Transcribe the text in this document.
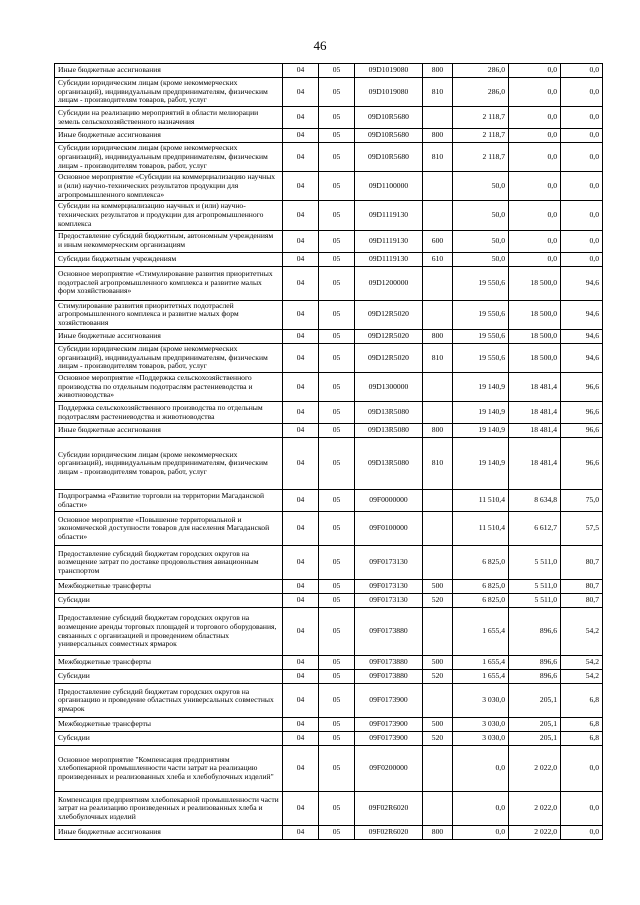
46
Иные бюджетные ассигнования	04	05	09D1019080	800	286,0	0,0	0,0
Субсидии юридическим лицам (кроме некоммерческих организаций), индивидуальным предпринимателям, физическим лицам - производителям товаров, работ, услуг	04	05	09D1019080	810	286,0	0,0	0,0
Субсидии на реализацию мероприятий в области мелиорации земель сельскохозяйственного назначения	04	05	09D10R5680		2 118,7	0,0	0,0
Иные бюджетные ассигнования	04	05	09D10R5680	800	2 118,7	0,0	0,0
Субсидии юридическим лицам (кроме некоммерческих организаций), индивидуальным предпринимателям, физическим лицам - производителям товаров, работ, услуг	04	05	09D10R5680	810	2 118,7	0,0	0,0
Основное мероприятие «Субсидии на коммерциализацию научных и (или) научно-технических результатов продукции для агропромышленного комплекса»	04	05	09D1100000		50,0	0,0	0,0
Субсидии на коммерциализацию научных и (или) научно-технических результатов и продукции для агропромышленного комплекса	04	05	09D1119130		50,0	0,0	0,0
Предоставление субсидий бюджетным, автономным учреждениям и иным некоммерческим организациям	04	05	09D1119130	600	50,0	0,0	0,0
Субсидии бюджетным учреждениям	04	05	09D1119130	610	50,0	0,0	0,0
Основное мероприятие «Стимулирование развития приоритетных подотраслей агропромышленного комплекса и развитие малых форм хозяйствования»	04	05	09D1200000		19 550,6	18 500,0	94,6
Стимулирование развития приоритетных подотраслей агропромышленного комплекса и развитие малых форм хозяйствования	04	05	09D12R5020		19 550,6	18 500,0	94,6
Иные бюджетные ассигнования	04	05	09D12R5020	800	19 550,6	18 500,0	94,6
Субсидии юридическим лицам (кроме некоммерческих организаций), индивидуальным предпринимателям, физическим лицам - производителям товаров, работ, услуг	04	05	09D12R5020	810	19 550,6	18 500,0	94,6
Основное мероприятие «Поддержка сельскохозяйственного производства по отдельным подотраслям растениеводства и животноводства»	04	05	09D1300000		19 140,9	18 481,4	96,6
Поддержка сельскохозяйственного производства по отдельным подотраслям растениеводства и животноводства	04	05	09D13R5080		19 140,9	18 481,4	96,6
Иные бюджетные ассигнования	04	05	09D13R5080	800	19 140,9	18 481,4	96,6
Субсидии юридическим лицам (кроме некоммерческих организаций), индивидуальным предпринимателям, физическим лицам - производителям товаров, работ, услуг	04	05	09D13R5080	810	19 140,9	18 481,4	96,6
Подпрограмма «Развитие торговли на территории Магаданской области»	04	05	09F0000000		11 510,4	8 634,8	75,0
Основное мероприятие «Повышение территориальной и экономической доступности товаров для населения Магаданской области»	04	05	09F0100000		11 510,4	6 612,7	57,5
Предоставление субсидий бюджетам городских округов на возмещение затрат по доставке продовольствия авиационным транспортом	04	05	09F0173130		6 825,0	5 511,0	80,7
Межбюджетные трансферты	04	05	09F0173130	500	6 825,0	5 511,0	80,7
Субсидии	04	05	09F0173130	520	6 825,0	5 511,0	80,7
Предоставление субсидий бюджетам городских округов на возмещение аренды торговых площадей и торгового оборудования, связанных с организацией и проведением областных универсальных совместных ярмарок	04	05	09F0173880		1 655,4	896,6	54,2
Межбюджетные трансферты	04	05	09F0173880	500	1 655,4	896,6	54,2
Субсидии	04	05	09F0173880	520	1 655,4	896,6	54,2
Предоставление субсидий бюджетам городских округов на организацию и проведение областных универсальных совместных ярмарок	04	05	09F0173900		3 030,0	205,1	6,8
Межбюджетные трансферты	04	05	09F0173900	500	3 030,0	205,1	6,8
Субсидии	04	05	09F0173900	520	3 030,0	205,1	6,8
Основное мероприятие "Компенсация предприятиям хлебопекарной промышленности части затрат на реализацию произведенных и реализованных хлеба и хлебобулочных изделий"	04	05	09F0200000		0,0	2 022,0	0,0
Компенсация предприятиям хлебопекарной промышленности части затрат на реализацию произведенных и реализованных хлеба и хлебобулочных изделий	04	05	09F02R6020		0,0	2 022,0	0,0
Иные бюджетные ассигнования	04	05	09F02R6020	800	0,0	2 022,0	0,0
